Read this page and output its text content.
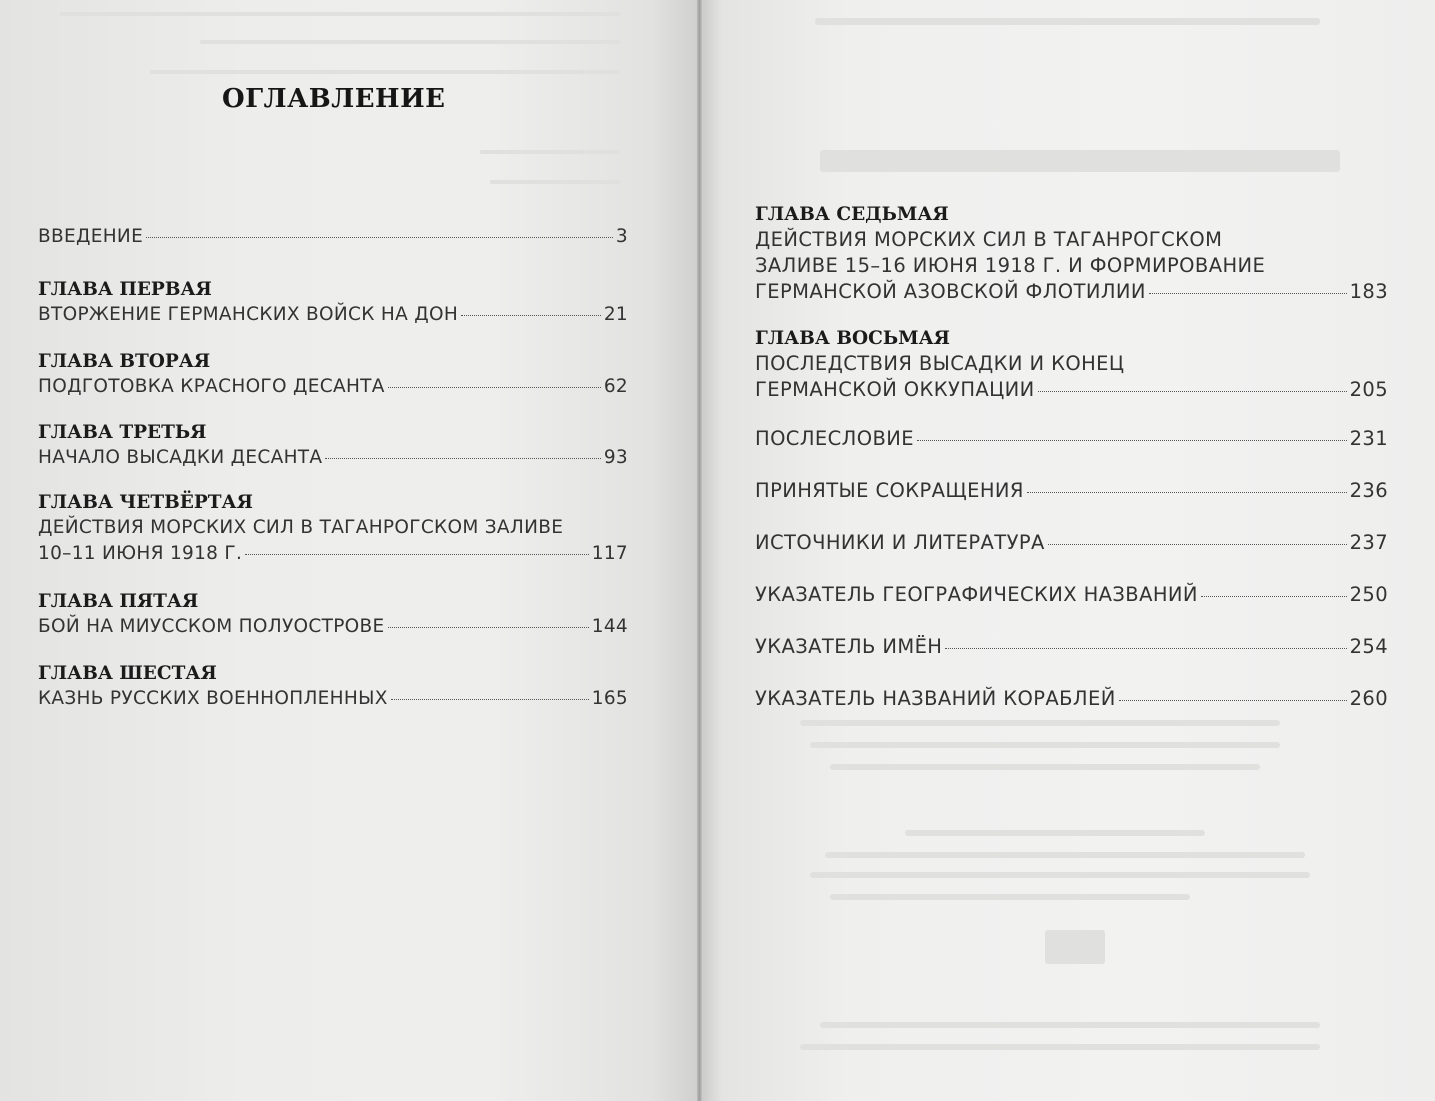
ОГЛАВЛЕНИЕ
ВВЕДЕНИЕ	3
ГЛАВА ПЕРВАЯ
ВТОРЖЕНИЕ ГЕРМАНСКИХ ВОЙСК НА ДОН	21
ГЛАВА ВТОРАЯ
ПОДГОТОВКА КРАСНОГО ДЕСАНТА	62
ГЛАВА ТРЕТЬЯ
НАЧАЛО ВЫСАДКИ ДЕСАНТА	93
ГЛАВА ЧЕТВЁРТАЯ
ДЕЙСТВИЯ МОРСКИХ СИЛ В ТАГАНРОГСКОМ ЗАЛИВЕ
10–11 ИЮНЯ 1918 Г.	117
ГЛАВА ПЯТАЯ
БОЙ НА МИУССКОМ ПОЛУОСТРОВЕ	144
ГЛАВА ШЕСТАЯ
КАЗНЬ РУССКИХ ВОЕННОПЛЕННЫХ	165
ГЛАВА СЕДЬМАЯ
ДЕЙСТВИЯ МОРСКИХ СИЛ В ТАГАНРОГСКОМ
ЗАЛИВЕ 15–16 ИЮНЯ 1918 Г. И ФОРМИРОВАНИЕ
ГЕРМАНСКОЙ АЗОВСКОЙ ФЛОТИЛИИ	183
ГЛАВА ВОСЬМАЯ
ПОСЛЕДСТВИЯ ВЫСАДКИ И КОНЕЦ
ГЕРМАНСКОЙ ОККУПАЦИИ	205
ПОСЛЕСЛОВИЕ	231
ПРИНЯТЫЕ СОКРАЩЕНИЯ	236
ИСТОЧНИКИ И ЛИТЕРАТУРА	237
УКАЗАТЕЛЬ ГЕОГРАФИЧЕСКИХ НАЗВАНИЙ	250
УКАЗАТЕЛЬ ИМЁН	254
УКАЗАТЕЛЬ НАЗВАНИЙ КОРАБЛЕЙ	260
